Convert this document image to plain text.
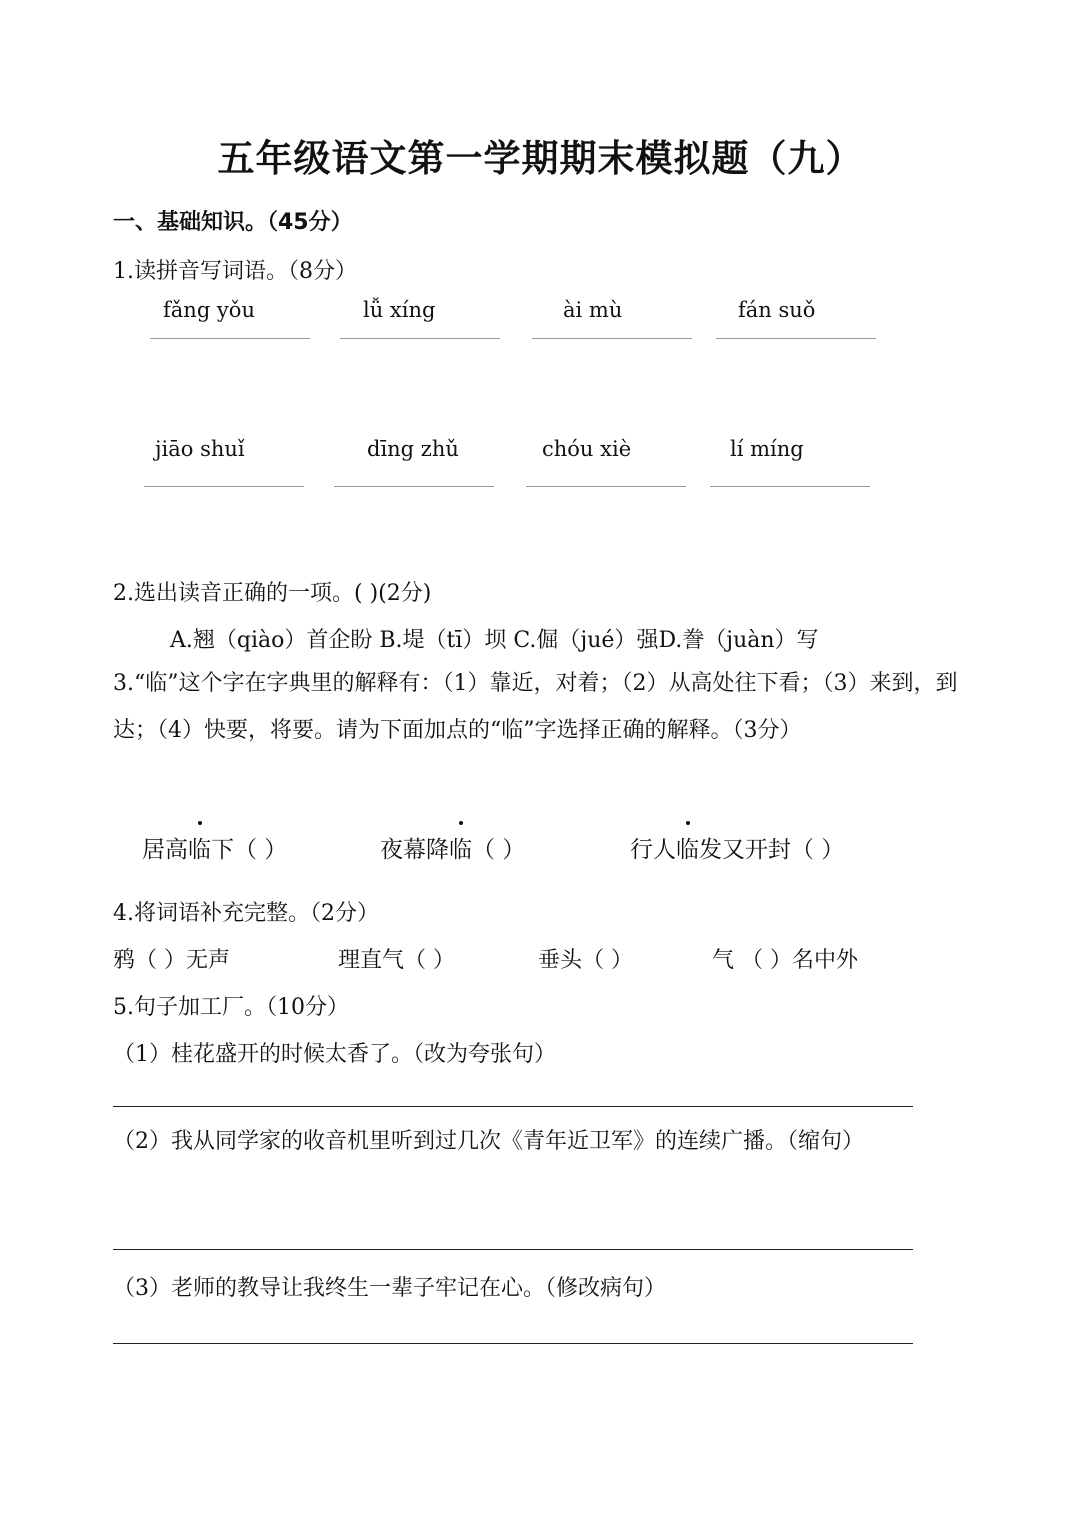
五年级语文第一学期期末模拟题（九）
一、基础知识。（45分）
1.读拼音写词语。（8分）
fǎng yǒu	lǚ xíng	ài mù	fán suǒ
jiāo shuǐ	dīng zhǔ	chóu xiè	lí míng
2.选出读音正确的一项。( )(2分)
A.翘（qiào）首企盼 B.堤（tī）坝 C.倔（jué）强D.誊（juàn）写
3.“临”这个字在字典里的解释有：（1）靠近，对着；（2）从高处往下看；（3）来到，到达；（4）快要，将要。请为下面加点的“临”字选择正确的解释。（3分）
居高
临下（ ）	夜幕降
临（ ）	行人
临发又开封（ ）
4.将词语补充完整。（2分）
鸦（ ）无声	理直气（ ）	垂头（ ）	气 （ ）名中外
5.句子加工厂。（10分）
（1）桂花盛开的时候太香了。（改为夸张句）
（2）我从同学家的收音机里听到过几次《青年近卫军》的连续广播。（缩句）
（3）老师的教导让我终生一辈子牢记在心。（修改病句）
